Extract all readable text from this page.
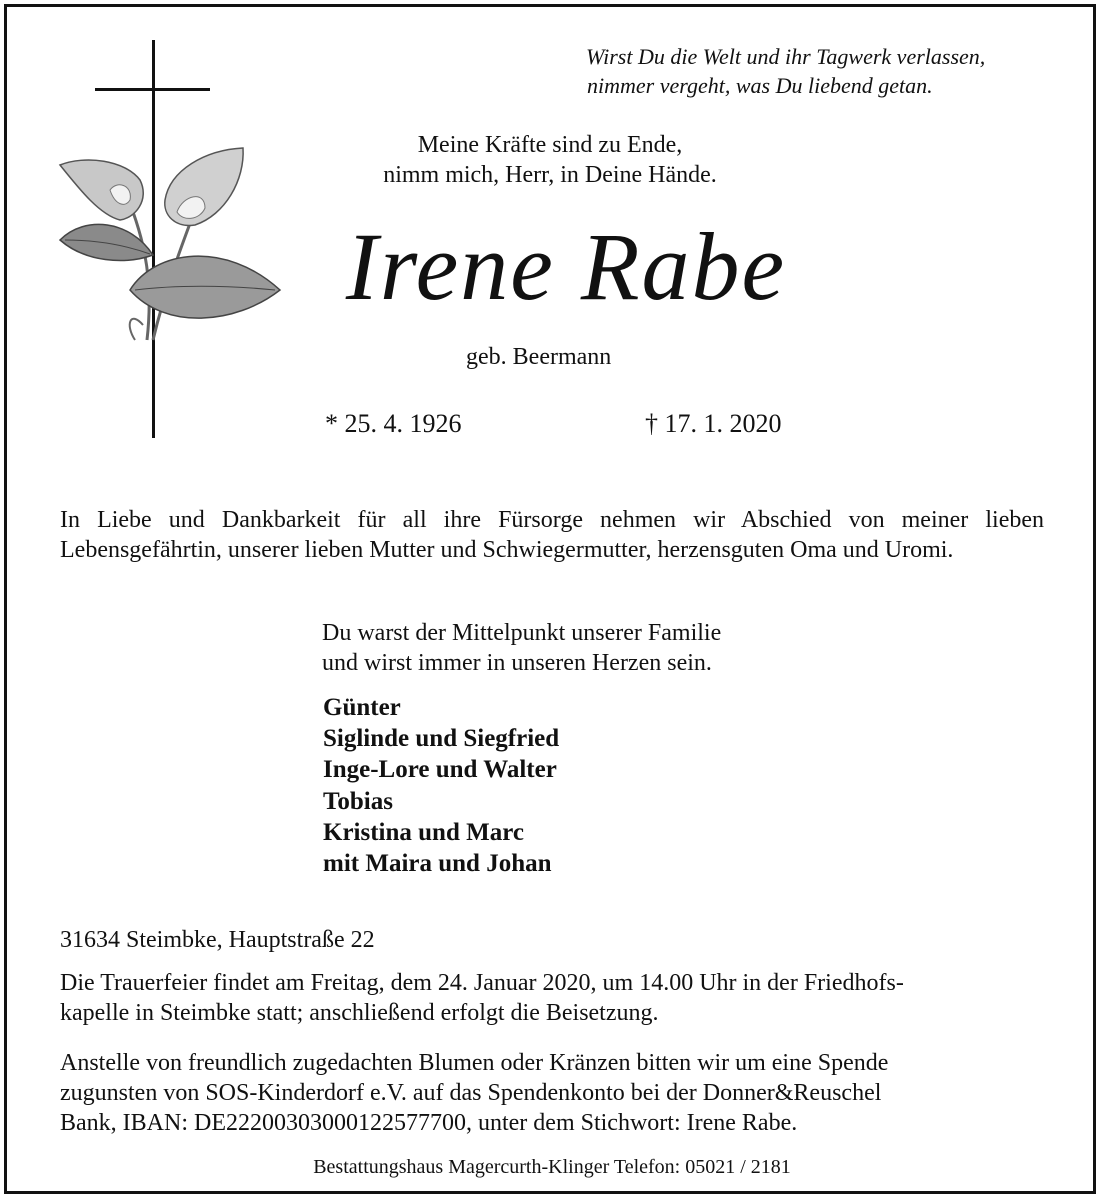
Wirst Du die Welt und ihr Tagwerk verlassen,
nimmer vergeht, was Du liebend getan.
Meine Kräfte sind zu Ende,
nimm mich, Herr, in Deine Hände.
Irene Rabe
geb. Beermann
* 25. 4. 1926	† 17. 1. 2020
In Liebe und Dankbarkeit für all ihre Fürsorge nehmen wir Abschied von meiner lieben
Lebensgefährtin, unserer lieben Mutter und Schwiegermutter, herzensguten Oma und Uromi.
Du warst der Mittelpunkt unserer Familie
und wirst immer in unseren Herzen sein.
Günter
Siglinde und Siegfried
Inge-Lore und Walter
Tobias
Kristina und Marc
mit Maira und Johan
31634 Steimbke, Hauptstraße 22
Die Trauerfeier findet am Freitag, dem 24. Januar 2020, um 14.00 Uhr in der Friedhofs-
kapelle in Steimbke statt; anschließend erfolgt die Beisetzung.
Anstelle von freundlich zugedachten Blumen oder Kränzen bitten wir um eine Spende
zugunsten von SOS-Kinderdorf e.V. auf das Spendenkonto bei der Donner&Reuschel
Bank, IBAN: DE22200303000122577700, unter dem Stichwort: Irene Rabe.
Bestattungshaus Magercurth-Klinger Telefon: 05021 / 2181
